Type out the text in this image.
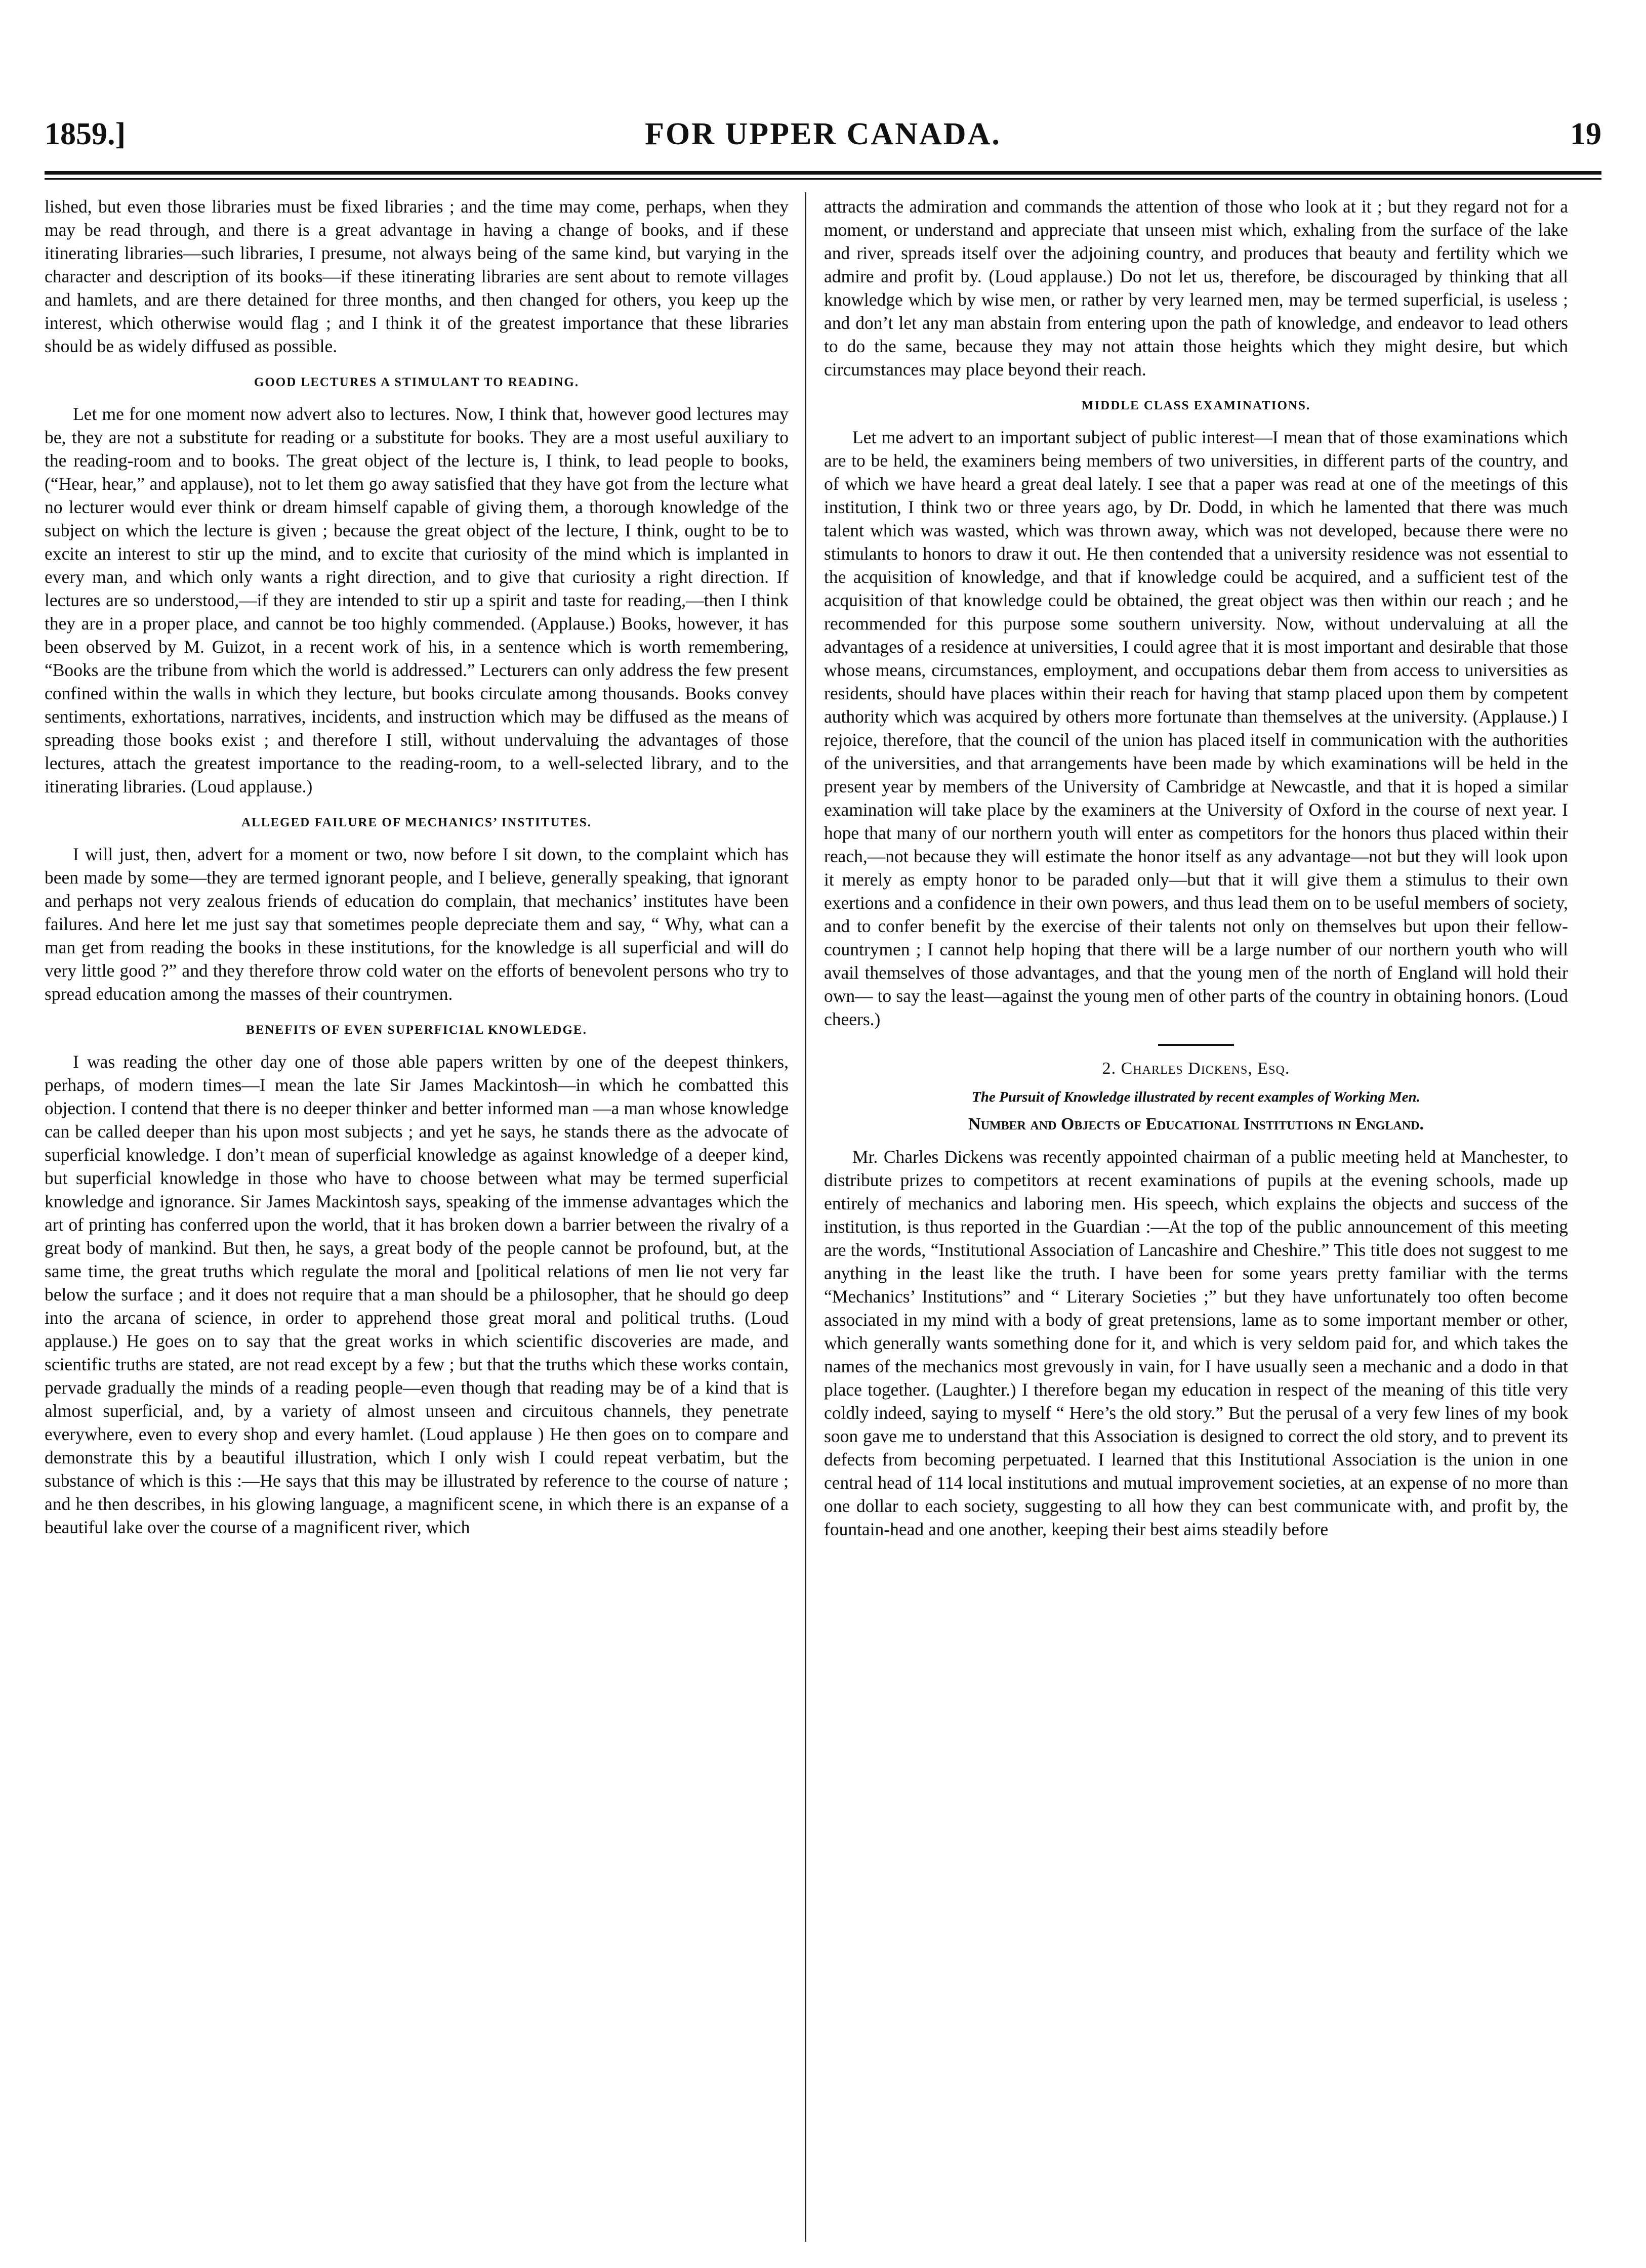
1859.]	FOR UPPER CANADA.	19

lished, but even those libraries must be fixed libraries ; and the time may come, perhaps, when they may be read through, and there is a great advantage in having a change of books, and if these itinerating libraries—such libraries, I presume, not always being of the same kind, but varying in the character and description of its books—if these itinerating libraries are sent about to remote villages and hamlets, and are there detained for three months, and then changed for others, you keep up the interest, which otherwise would flag ; and I think it of the greatest importance that these libraries should be as widely diffused as possible.

GOOD LECTURES A STIMULANT TO READING.

Let me for one moment now advert also to lectures. Now, I think that, however good lectures may be, they are not a substitute for reading or a substitute for books. They are a most useful auxiliary to the reading-room and to books. The great object of the lecture is, I think, to lead people to books, (“Hear, hear,” and applause), not to let them go away satisfied that they have got from the lecture what no lecturer would ever think or dream himself capable of giving them, a thorough knowledge of the subject on which the lecture is given ; because the great object of the lecture, I think, ought to be to excite an interest to stir up the mind, and to excite that curiosity of the mind which is implanted in every man, and which only wants a right direction, and to give that curiosity a right direction. If lectures are so understood,—if they are intended to stir up a spirit and taste for reading,—then I think they are in a proper place, and cannot be too highly commended. (Applause.) Books, however, it has been observed by M. Guizot, in a recent work of his, in a sentence which is worth remembering, “Books are the tribune from which the world is addressed.” Lecturers can only address the few present confined within the walls in which they lecture, but books circulate among thousands. Books convey sentiments, exhortations, narratives, incidents, and instruction which may be diffused as the means of spreading those books exist ; and therefore I still, without undervaluing the advantages of those lectures, attach the greatest importance to the reading-room, to a well-selected library, and to the itinerating libraries. (Loud applause.)

ALLEGED FAILURE OF MECHANICS’ INSTITUTES.

I will just, then, advert for a moment or two, now before I sit down, to the complaint which has been made by some—they are termed ignorant people, and I believe, generally speaking, that ignorant and perhaps not very zealous friends of education do complain, that mechanics’ institutes have been failures. And here let me just say that sometimes people depreciate them and say, “ Why, what can a man get from reading the books in these institutions, for the knowledge is all superficial and will do very little good ?” and they therefore throw cold water on the efforts of benevolent persons who try to spread education among the masses of their countrymen.

BENEFITS OF EVEN SUPERFICIAL KNOWLEDGE.

I was reading the other day one of those able papers written by one of the deepest thinkers, perhaps, of modern times—I mean the late Sir James Mackintosh—in which he combatted this objection. I contend that there is no deeper thinker and better informed man —a man whose knowledge can be called deeper than his upon most subjects ; and yet he says, he stands there as the advocate of superficial knowledge. I don’t mean of superficial knowledge as against knowledge of a deeper kind, but superficial knowledge in those who have to choose between what may be termed superficial knowledge and ignorance. Sir James Mackintosh says, speaking of the immense advantages which the art of printing has conferred upon the world, that it has broken down a barrier between the rivalry of a great body of mankind. But then, he says, a great body of the people cannot be profound, but, at the same time, the great truths which regulate the moral and [political relations of men lie not very far below the surface ; and it does not require that a man should be a philosopher, that he should go deep into the arcana of science, in order to apprehend those great moral and political truths. (Loud applause.) He goes on to say that the great works in which scientific discoveries are made, and scientific truths are stated, are not read except by a few ; but that the truths which these works contain, pervade gradually the minds of a reading people—even though that reading may be of a kind that is almost superficial, and, by a variety of almost unseen and circuitous channels, they penetrate everywhere, even to every shop and every hamlet. (Loud applause ) He then goes on to compare and demonstrate this by a beautiful illustration, which I only wish I could repeat verbatim, but the substance of which is this :—He says that this may be illustrated by reference to the course of nature ; and he then describes, in his glowing language, a magnificent scene, in which there is an expanse of a beautiful lake over the course of a magnificent river, which

attracts the admiration and commands the attention of those who look at it ; but they regard not for a moment, or understand and appreciate that unseen mist which, exhaling from the surface of the lake and river, spreads itself over the adjoining country, and produces that beauty and fertility which we admire and profit by. (Loud applause.) Do not let us, therefore, be discouraged by thinking that all knowledge which by wise men, or rather by very learned men, may be termed superficial, is useless ; and don’t let any man abstain from entering upon the path of knowledge, and endeavor to lead others to do the same, because they may not attain those heights which they might desire, but which circumstances may place beyond their reach.

MIDDLE CLASS EXAMINATIONS.

Let me advert to an important subject of public interest—I mean that of those examinations which are to be held, the examiners being members of two universities, in different parts of the country, and of which we have heard a great deal lately. I see that a paper was read at one of the meetings of this institution, I think two or three years ago, by Dr. Dodd, in which he lamented that there was much talent which was wasted, which was thrown away, which was not developed, because there were no stimulants to honors to draw it out. He then contended that a university residence was not essential to the acquisition of knowledge, and that if knowledge could be acquired, and a sufficient test of the acquisition of that knowledge could be obtained, the great object was then within our reach ; and he recommended for this purpose some southern university. Now, without undervaluing at all the advantages of a residence at universities, I could agree that it is most important and desirable that those whose means, circumstances, employment, and occupations debar them from access to universities as residents, should have places within their reach for having that stamp placed upon them by competent authority which was acquired by others more fortunate than themselves at the university. (Applause.) I rejoice, therefore, that the council of the union has placed itself in communication with the authorities of the universities, and that arrangements have been made by which examinations will be held in the present year by members of the University of Cambridge at Newcastle, and that it is hoped a similar examination will take place by the examiners at the University of Oxford in the course of next year. I hope that many of our northern youth will enter as competitors for the honors thus placed within their reach,—not because they will estimate the honor itself as any advantage—not but they will look upon it merely as empty honor to be paraded only—but that it will give them a stimulus to their own exertions and a confidence in their own powers, and thus lead them on to be useful members of society, and to confer benefit by the exercise of their talents not only on themselves but upon their fellow-countrymen ; I cannot help hoping that there will be a large number of our northern youth who will avail themselves of those advantages, and that the young men of the north of England will hold their own— to say the least—against the young men of other parts of the country in obtaining honors. (Loud cheers.)

2. Charles Dickens, Esq.
The Pursuit of Knowledge illustrated by recent examples of Working Men.
Number and Objects of Educational Institutions in England.

Mr. Charles Dickens was recently appointed chairman of a public meeting held at Manchester, to distribute prizes to competitors at recent examinations of pupils at the evening schools, made up entirely of mechanics and laboring men. His speech, which explains the objects and success of the institution, is thus reported in the Guardian :—At the top of the public announcement of this meeting are the words, “Institutional Association of Lancashire and Cheshire.” This title does not suggest to me anything in the least like the truth. I have been for some years pretty familiar with the terms “Mechanics’ Institutions” and “ Literary Societies ;” but they have unfortunately too often become associated in my mind with a body of great pretensions, lame as to some important member or other, which generally wants something done for it, and which is very seldom paid for, and which takes the names of the mechanics most grevously in vain, for I have usually seen a mechanic and a dodo in that place together. (Laughter.) I therefore began my education in respect of the meaning of this title very coldly indeed, saying to myself “ Here’s the old story.” But the perusal of a very few lines of my book soon gave me to understand that this Association is designed to correct the old story, and to prevent its defects from becoming perpetuated. I learned that this Institutional Association is the union in one central head of 114 local institutions and mutual improvement societies, at an expense of no more than one dollar to each society, suggesting to all how they can best communicate with, and profit by, the fountain-head and one another, keeping their best aims steadily before
